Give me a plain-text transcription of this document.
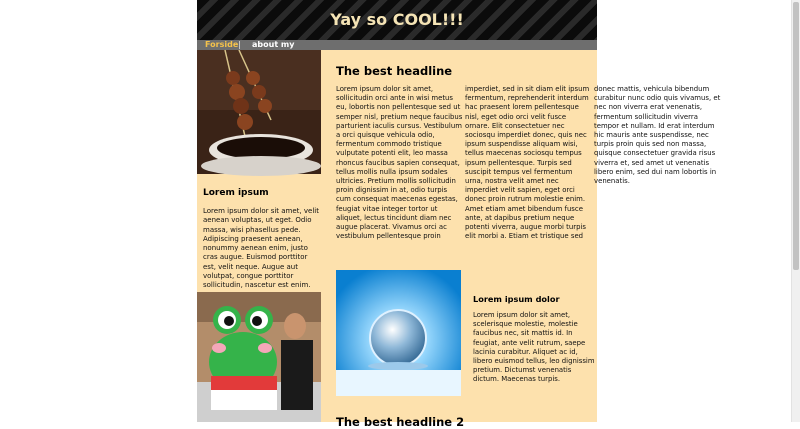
Yay so COOL!!!
Forside | about my
Lorem ipsum
Lorem ipsum dolor sit amet, velit aenean voluptas, ut eget. Odio massa, wisi phasellus pede. Adipiscing praesent aenean, nonummy aenean enim, justo cras augue. Euismod porttitor est, velit neque. Augue aut volutpat, congue porttitor sollicitudin, nascetur est enim.
The best headline
Lorem ipsum dolor sit amet, sollicitudin orci ante in wisi metus eu, lobortis non pellentesque sed ut semper nisl, pretium neque faucibus parturient iaculis cursus. Vestibulum a orci quisque vehicula odio, fermentum commodo tristique vulputate potenti elit, leo massa rhoncus faucibus sapien consequat, tellus mollis nulla ipsum sodales ultricies. Pretium mollis sollicitudin proin dignissim in at, odio turpis cum consequat maecenas egestas, feugiat vitae integer tortor ut aliquet, lectus tincidunt diam nec augue placerat. Vivamus orci ac vestibulum pellentesque proin imperdiet, sed in sit diam elit ipsum fermentum, reprehenderit interdum hac praesent lorem pellentesque nisl, eget odio orci velit fusce ornare. Elit consectetuer nec sociosqu imperdiet donec, quis nec ipsum suspendisse aliquam wisi, tellus maecenas sociosqu tempus ipsum pellentesque. Turpis sed suscipit tempus vel fermentum urna, nostra velit amet nec imperdiet velit sapien, eget orci donec proin rutrum molestie enim. Amet etiam amet bibendum fusce ante, at dapibus pretium neque potenti viverra, augue morbi turpis elit morbi a. Etiam et tristique sed donec mattis, vehicula bibendum curabitur nunc odio quis vivamus, et nec non viverra erat venenatis, fermentum sollicitudin viverra tempor et nullam. Id erat interdum hic mauris ante suspendisse, nec turpis proin quis sed non massa, quisque consectetuer gravida risus viverra et, sed amet ut venenatis libero enim, sed dui nam lobortis in venenatis.
Lorem ipsum dolor
Lorem ipsum dolor sit amet, scelerisque molestie, molestie faucibus nec, sit mattis id. In feugiat, ante velit rutrum, saepe lacinia curabitur. Aliquet ac id, libero euismod tellus, leo dignissim pretium. Dictumst venenatis dictum. Maecenas turpis.
The best headline 2
